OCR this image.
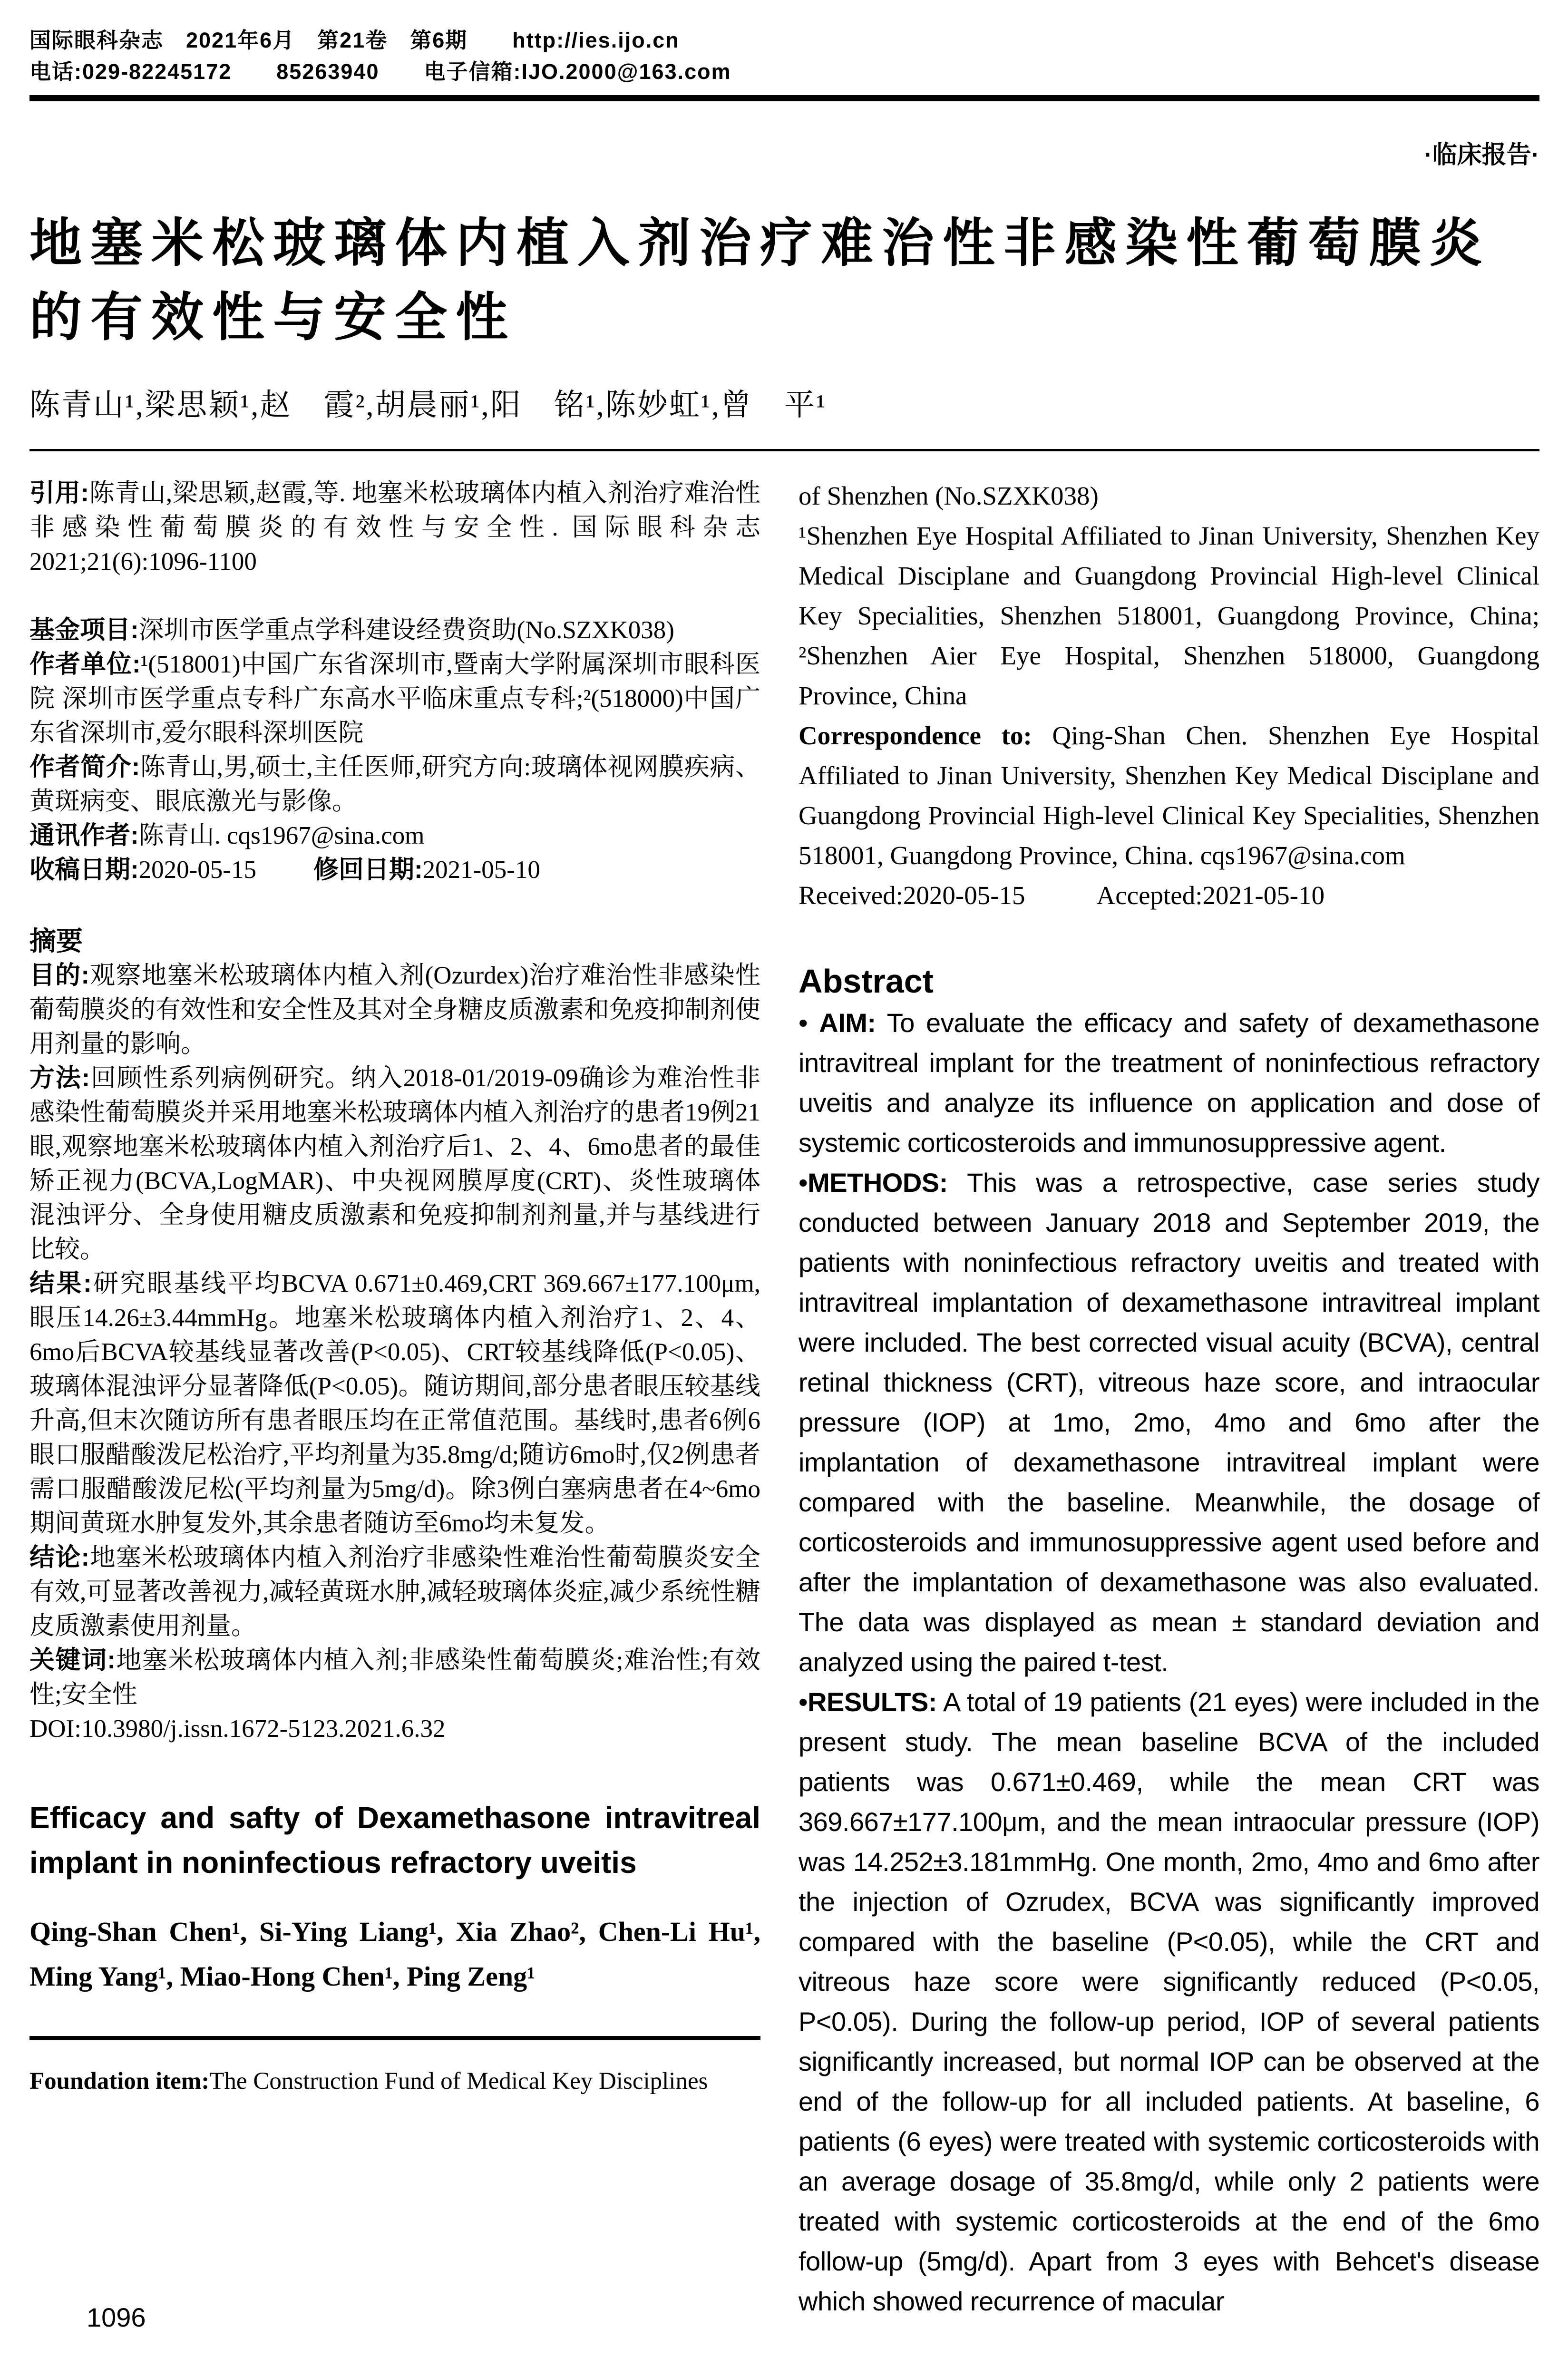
国际眼科杂志　2021年6月　第21卷　第6期　　http://ies.ijo.cn
电话:029-82245172　　85263940　　电子信箱:IJO.2000@163.com
·临床报告·
地塞米松玻璃体内植入剂治疗难治性非感染性葡萄膜炎
的有效性与安全性
陈青山¹,梁思颖¹,赵　霞²,胡晨丽¹,阳　铭¹,陈妙虹¹,曾　平¹

引用:陈青山,梁思颖,赵霞,等. 地塞米松玻璃体内植入剂治疗难治性非感染性葡萄膜炎的有效性与安全性. 国际眼科杂志 2021;21(6):1096-1100

基金项目:深圳市医学重点学科建设经费资助(No.SZXK038)

作者单位:¹(518001)中国广东省深圳市,暨南大学附属深圳市眼科医院 深圳市医学重点专科广东高水平临床重点专科;²(518000)中国广东省深圳市,爱尔眼科深圳医院

作者简介:陈青山,男,硕士,主任医师,研究方向:玻璃体视网膜疾病、黄斑病变、眼底激光与影像。

通讯作者:陈青山. cqs1967@sina.com

收稿日期:2020-05-15 修回日期:2021-05-10

摘要

目的:观察地塞米松玻璃体内植入剂(Ozurdex)治疗难治性非感染性葡萄膜炎的有效性和安全性及其对全身糖皮质激素和免疫抑制剂使用剂量的影响。

方法:回顾性系列病例研究。纳入2018-01/2019-09确诊为难治性非感染性葡萄膜炎并采用地塞米松玻璃体内植入剂治疗的患者19例21眼,观察地塞米松玻璃体内植入剂治疗后1、2、4、6mo患者的最佳矫正视力(BCVA,LogMAR)、中央视网膜厚度(CRT)、炎性玻璃体混浊评分、全身使用糖皮质激素和免疫抑制剂剂量,并与基线进行比较。

结果:研究眼基线平均BCVA 0.671±0.469,CRT 369.667±177.100μm,眼压14.26±3.44mmHg。地塞米松玻璃体内植入剂治疗1、2、4、6mo后BCVA较基线显著改善(P<0.05)、CRT较基线降低(P<0.05)、玻璃体混浊评分显著降低(P<0.05)。随访期间,部分患者眼压较基线升高,但末次随访所有患者眼压均在正常值范围。基线时,患者6例6眼口服醋酸泼尼松治疗,平均剂量为35.8mg/d;随访6mo时,仅2例患者需口服醋酸泼尼松(平均剂量为5mg/d)。除3例白塞病患者在4~6mo期间黄斑水肿复发外,其余患者随访至6mo均未复发。

结论:地塞米松玻璃体内植入剂治疗非感染性难治性葡萄膜炎安全有效,可显著改善视力,减轻黄斑水肿,减轻玻璃体炎症,减少系统性糖皮质激素使用剂量。

关键词:地塞米松玻璃体内植入剂;非感染性葡萄膜炎;难治性;有效性;安全性

DOI:10.3980/j.issn.1672-5123.2021.6.32

Efficacy and safty of Dexamethasone intravitreal implant in noninfectious refractory uveitis
Qing-Shan Chen¹, Si-Ying Liang¹, Xia Zhao², Chen-Li Hu¹, Ming Yang¹, Miao-Hong Chen¹, Ping Zeng¹

Foundation item:The Construction Fund of Medical Key Disciplines

of Shenzhen (No.SZXK038)

¹Shenzhen Eye Hospital Affiliated to Jinan University, Shenzhen Key Medical Disciplane and Guangdong Provincial High-level Clinical Key Specialities, Shenzhen 518001, Guangdong Province, China; ²Shenzhen Aier Eye Hospital, Shenzhen 518000, Guangdong Province, China

Correspondence to: Qing-Shan Chen. Shenzhen Eye Hospital Affiliated to Jinan University, Shenzhen Key Medical Disciplane and Guangdong Provincial High-level Clinical Key Specialities, Shenzhen 518001, Guangdong Province, China. cqs1967@sina.com

Received:2020-05-15	Accepted:2021-05-10

Abstract

• AIM: To evaluate the efficacy and safety of dexamethasone intravitreal implant for the treatment of noninfectious refractory uveitis and analyze its influence on application and dose of systemic corticosteroids and immunosuppressive agent.

•METHODS: This was a retrospective, case series study conducted between January 2018 and September 2019, the patients with noninfectious refractory uveitis and treated with intravitreal implantation of dexamethasone intravitreal implant were included. The best corrected visual acuity (BCVA), central retinal thickness (CRT), vitreous haze score, and intraocular pressure (IOP) at 1mo, 2mo, 4mo and 6mo after the implantation of dexamethasone intravitreal implant were compared with the baseline. Meanwhile, the dosage of corticosteroids and immunosuppressive agent used before and after the implantation of dexamethasone was also evaluated. The data was displayed as mean ± standard deviation and analyzed using the paired t-test.

•RESULTS: A total of 19 patients (21 eyes) were included in the present study. The mean baseline BCVA of the included patients was 0.671±0.469, while the mean CRT was 369.667±177.100μm, and the mean intraocular pressure (IOP) was 14.252±3.181mmHg. One month, 2mo, 4mo and 6mo after the injection of Ozrudex, BCVA was significantly improved compared with the baseline (P<0.05), while the CRT and vitreous haze score were significantly reduced (P<0.05, P<0.05). During the follow-up period, IOP of several patients significantly increased, but normal IOP can be observed at the end of the follow-up for all included patients. At baseline, 6 patients (6 eyes) were treated with systemic corticosteroids with an average dosage of 35.8mg/d, while only 2 patients were treated with systemic corticosteroids at the end of the 6mo follow-up (5mg/d). Apart from 3 eyes with Behcet's disease which showed recurrence of macular

1096
